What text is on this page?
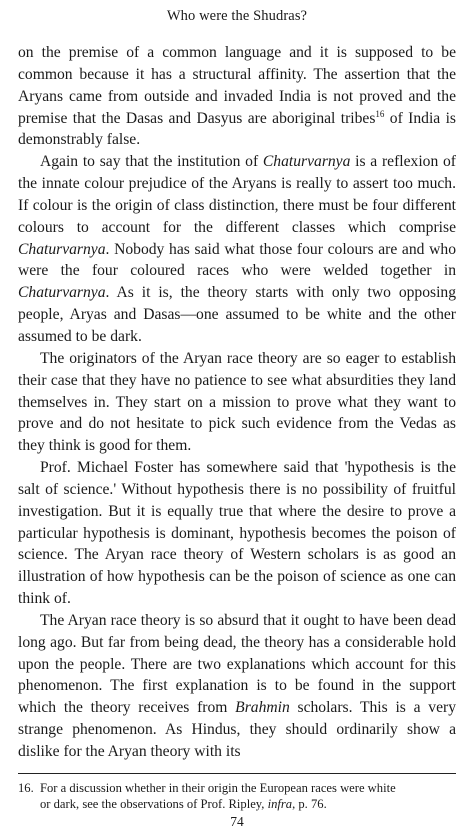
Who were the Shudras?

on the premise of a common language and it is supposed to be common because it has a structural affinity. The assertion that the Aryans came from outside and invaded India is not proved and the premise that the Dasas and Dasyus are aboriginal tribes$^{16}$ of India is demonstrably false.

Again to say that the institution of Chaturvarnya is a reflexion of the innate colour prejudice of the Aryans is really to assert too much. If colour is the origin of class distinction, there must be four different colours to account for the different classes which comprise Chaturvarnya. Nobody has said what those four colours are and who were the four coloured races who were welded together in Chaturvarnya. As it is, the theory starts with only two opposing people, Aryas and Dasas—one assumed to be white and the other assumed to be dark.

The originators of the Aryan race theory are so eager to establish their case that they have no patience to see what absurdities they land themselves in. They start on a mission to prove what they want to prove and do not hesitate to pick such evidence from the Vedas as they think is good for them.

Prof. Michael Foster has somewhere said that 'hypothesis is the salt of science.' Without hypothesis there is no possibility of fruitful investigation. But it is equally true that where the desire to prove a particular hypothesis is dominant, hypothesis becomes the poison of science. The Aryan race theory of Western scholars is as good an illustration of how hypothesis can be the poison of science as one can think of.

The Aryan race theory is so absurd that it ought to have been dead long ago. But far from being dead, the theory has a considerable hold upon the people. There are two explanations which account for this phenomenon. The first explanation is to be found in the support which the theory receives from Brahmin scholars. This is a very strange phenomenon. As Hindus, they should ordinarily show a dislike for the Aryan theory with its

16. For a discussion whether in their origin the European races were white
or dark, see the observations of Prof. Ripley, infra, p. 76.
74
